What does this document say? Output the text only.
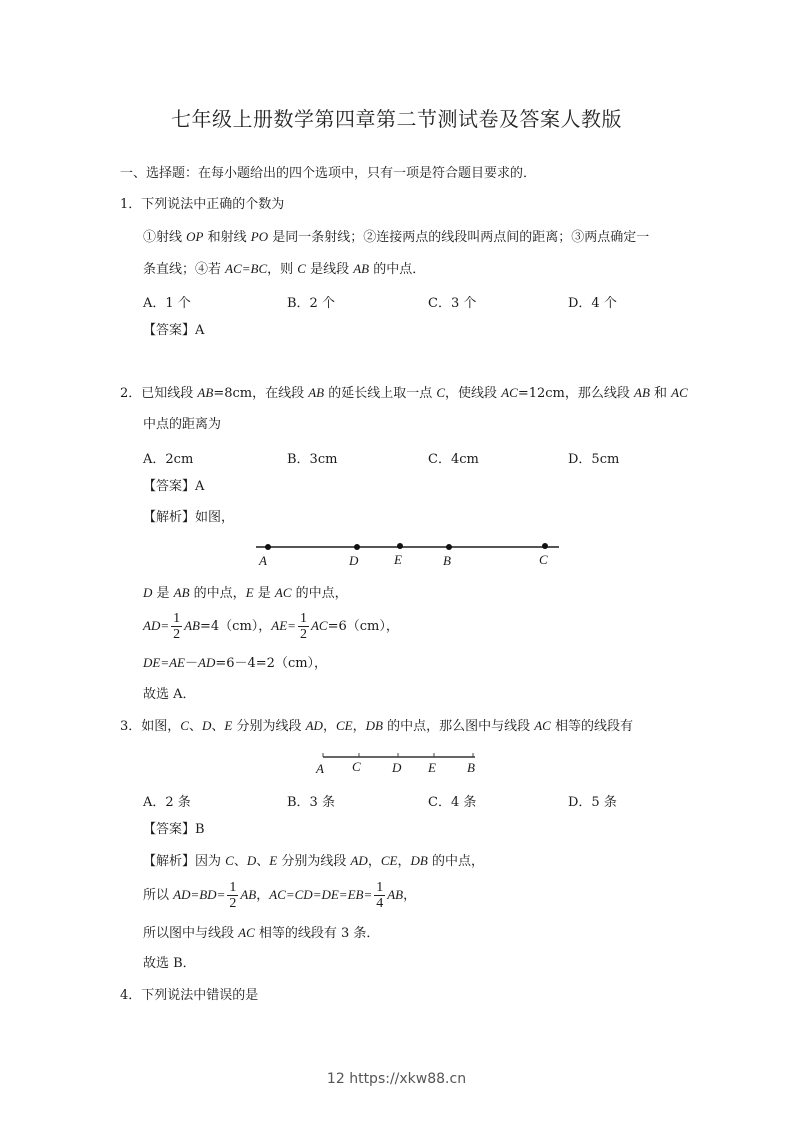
七年级上册数学第四章第二节测试卷及答案人教版
一、选择题：在每小题给出的四个选项中，只有一项是符合题目要求的．
1．下列说法中正确的个数为
①射线 OP 和射线 PO 是同一条射线；②连接两点的线段叫两点间的距离；③两点确定一
条直线；④若 AC=BC，则 C 是线段 AB 的中点．
A．1 个	B．2 个	C．3 个	D．4 个
【答案】A
2．已知线段 AB=8cm，在线段 AB 的延长线上取一点 C，使线段 AC=12cm，那么线段 AB 和 AC
中点的距离为
A．2cm	B．3cm	C．4cm	D．5cm
【答案】A
【解析】如图，
A	D	E	B	C
D 是 AB 的中点，E 是 AC 的中点，
$AD= \frac{1}{2} AB=4(cm)$，$AE= \frac{1}{2} AC=6(cm)$，
DE=AE－AD=6－4=2（cm），
故选 A．
3．如图，C、D、E 分别为线段 AD，CE，DB 的中点，那么图中与线段 AC 相等的线段有
A C D E B
A．2 条	B．3 条	C．4 条	D．5 条
【答案】B
【解析】因为 C、D、E 分别为线段 AD，CE，DB 的中点，
所以 $AD=BD= \frac{1}{2}$ AB，$AC=CD=DE=EB= \frac{1}{4}$ AB，
所以图中与线段 AC 相等的线段有 3 条．
故选 B．
4．下列说法中错误的是
12 https://xkw88.cn
